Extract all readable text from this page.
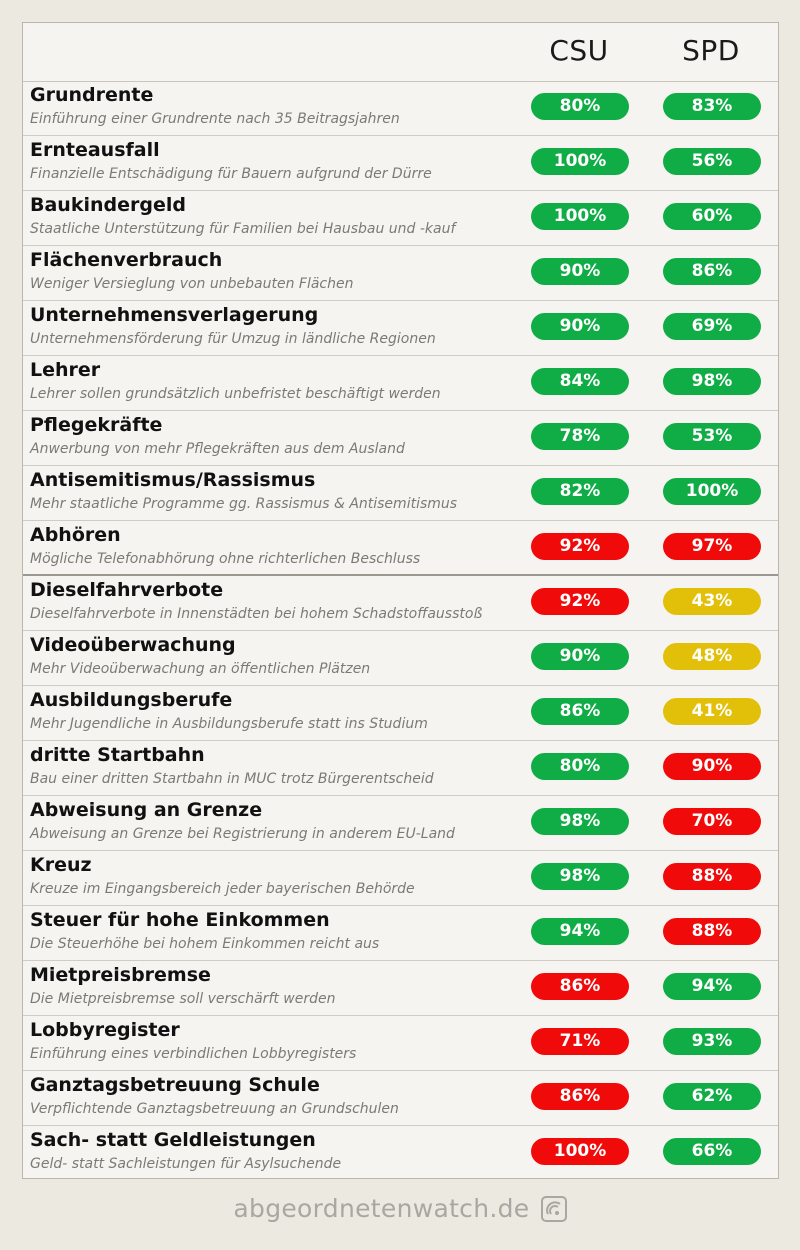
CSU	SPD
Grundrente
Einführung einer Grundrente nach 35 Beitragsjahren
80%	83%
Ernteausfall
Finanzielle Entschädigung für Bauern aufgrund der Dürre
100%	56%
Baukindergeld
Staatliche Unterstützung für Familien bei Hausbau und -kauf
100%	60%
Flächenverbrauch
Weniger Versieglung von unbebauten Flächen
90%	86%
Unternehmensverlagerung
Unternehmensförderung für Umzug in ländliche Regionen
90%	69%
Lehrer
Lehrer sollen grundsätzlich unbefristet beschäftigt werden
84%	98%
Pflegekräfte
Anwerbung von mehr Pflegekräften aus dem Ausland
78%	53%
Antisemitismus/Rassismus
Mehr staatliche Programme gg. Rassismus & Antisemitismus
82%	100%
Abhören
Mögliche Telefonabhörung ohne richterlichen Beschluss
92%	97%
Dieselfahrverbote
Dieselfahrverbote in Innenstädten bei hohem Schadstoffausstoß
92%	43%
Videoüberwachung
Mehr Videoüberwachung an öffentlichen Plätzen
90%	48%
Ausbildungsberufe
Mehr Jugendliche in Ausbildungsberufe statt ins Studium
86%	41%
dritte Startbahn
Bau einer dritten Startbahn in MUC trotz Bürgerentscheid
80%	90%
Abweisung an Grenze
Abweisung an Grenze bei Registrierung in anderem EU-Land
98%	70%
Kreuz
Kreuze im Eingangsbereich jeder bayerischen Behörde
98%	88%
Steuer für hohe Einkommen
Die Steuerhöhe bei hohem Einkommen reicht aus
94%	88%
Mietpreisbremse
Die Mietpreisbremse soll verschärft werden
86%	94%
Lobbyregister
Einführung eines verbindlichen Lobbyregisters
71%	93%
Ganztagsbetreuung Schule
Verpflichtende Ganztagsbetreuung an Grundschulen
86%	62%
Sach- statt Geldleistungen
Geld- statt Sachleistungen für Asylsuchende
100%	66%
abgeordnetenwatch.de
